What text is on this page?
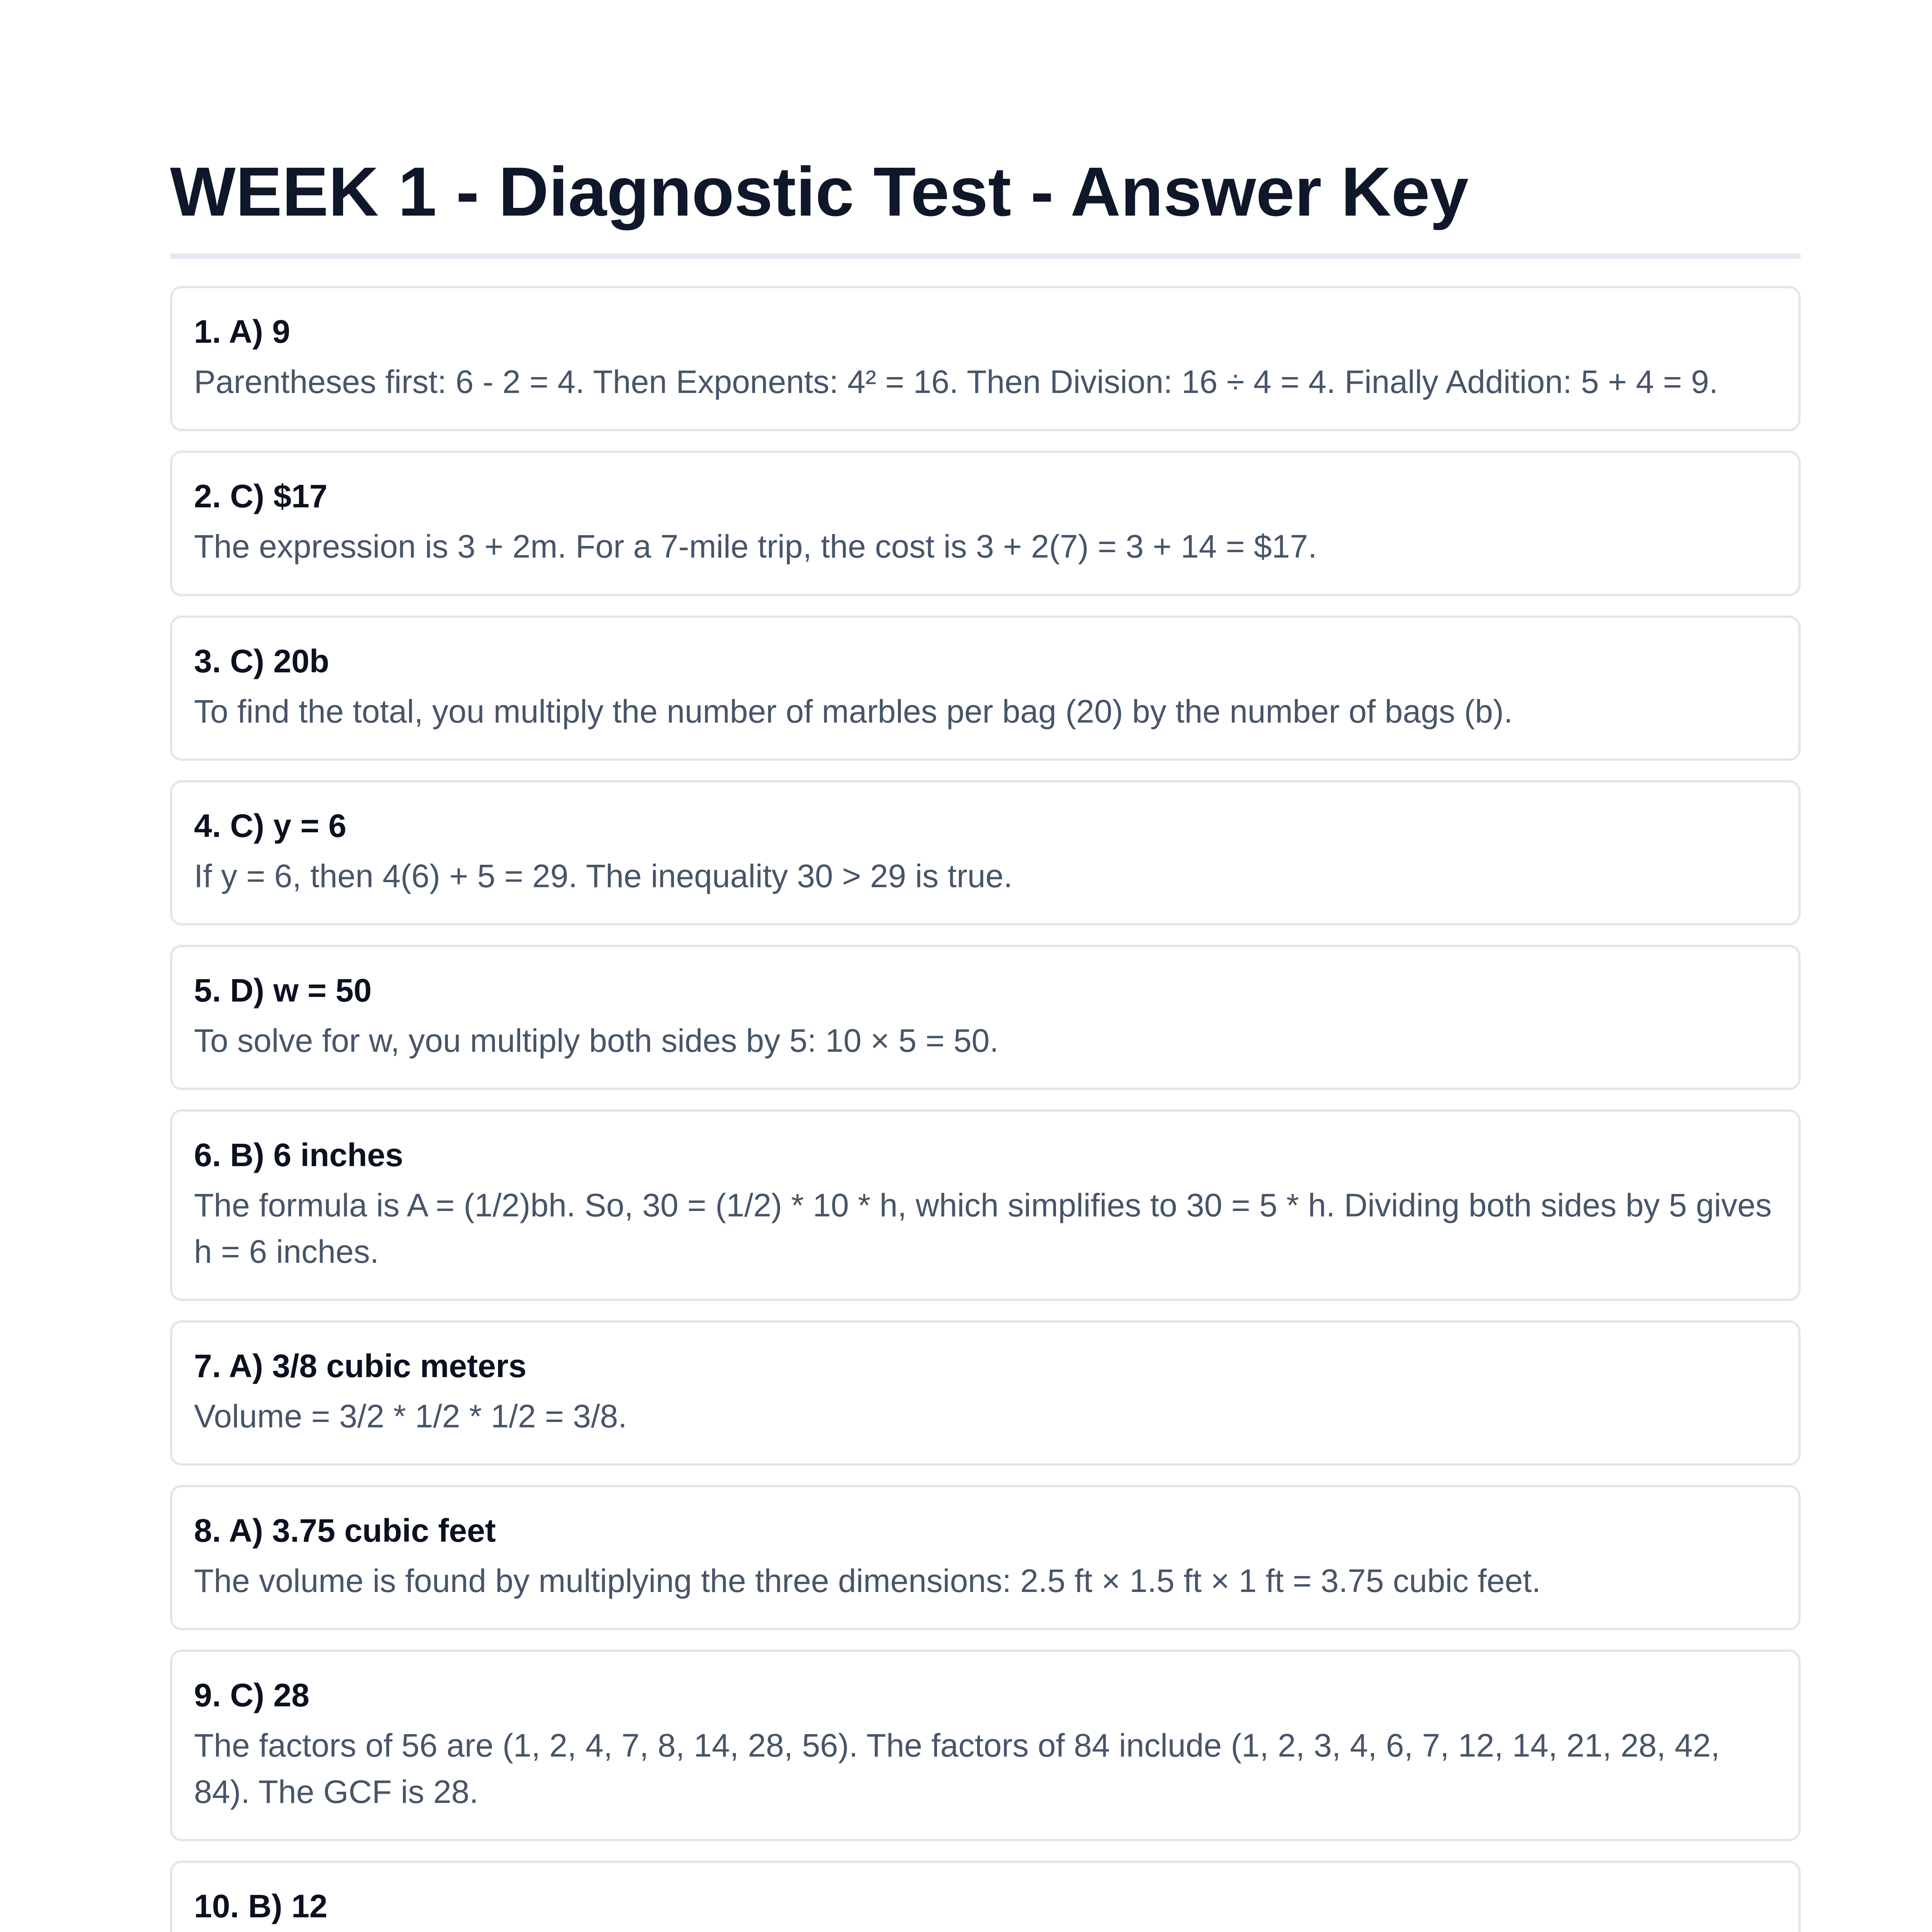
WEEK 1 - Diagnostic Test - Answer Key
1. A) 9

Parentheses first: 6 - 2 = 4. Then Exponents: 4² = 16. Then Division: 16 ÷ 4 = 4. Finally Addition: 5 + 4 = 9.

2. C) $17

The expression is 3 + 2m. For a 7-mile trip, the cost is 3 + 2(7) = 3 + 14 = $17.

3. C) 20b

To find the total, you multiply the number of marbles per bag (20) by the number of bags (b).

4. C) y = 6

If y = 6, then 4(6) + 5 = 29. The inequality 30 > 29 is true.

5. D) w = 50

To solve for w, you multiply both sides by 5: 10 × 5 = 50.

6. B) 6 inches

The formula is A = (1/2)bh. So, 30 = (1/2) * 10 * h, which simplifies to 30 = 5 * h. Dividing both sides by 5 gives h = 6 inches.

7. A) 3/8 cubic meters

Volume = 3/2 * 1/2 * 1/2 = 3/8.

8. A) 3.75 cubic feet

The volume is found by multiplying the three dimensions: 2.5 ft × 1.5 ft × 1 ft = 3.75 cubic feet.

9. C) 28

The factors of 56 are (1, 2, 4, 7, 8, 14, 28, 56). The factors of 84 include (1, 2, 3, 4, 6, 7, 12, 14, 21, 28, 42, 84). The GCF is 28.

10. B) 12
